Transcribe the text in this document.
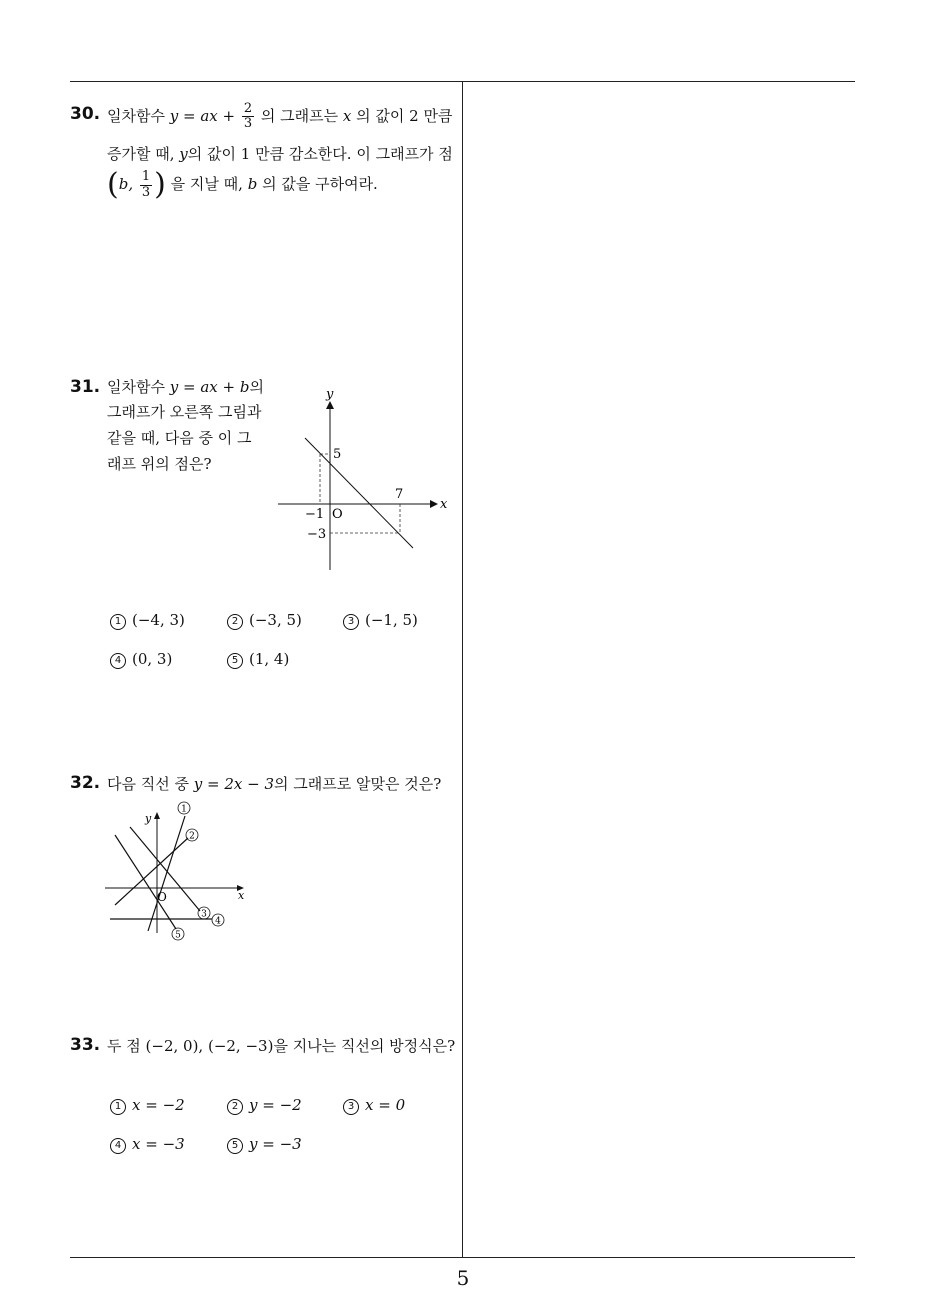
5
30. 일차함수 y = ax + $\frac{2}{3}$ 의 그래프는 x 의 값이 2 만큼
증가할 때, y의 값이 1 만큼 감소한다. 이 그래프가 점
(b, $\frac{1}{3}$ ) 을 지날 때, b 의 값을 구하여라.
31. 일차함수 y = ax + b의
그래프가 오른쪽 그림과
같을 때, 다음 중 이 그
래프 위의 점은?
x
y
O
5
7
−1
−3
1 (−4, 3)	2 (−3, 5)	3 (−1, 5)
4 (0, 3)	5 (1, 4)
32. 다음 직선 중 y = 2x − 3의 그래프로 알맞은 것은?
x
y
O
1
2
3
4
5
33. 두 점 (−2, 0), (−2, −3)을 지나는 직선의 방정식은?
1 x = −2	2 y = −2	3 x = 0
4 x = −3	5 y = −3
